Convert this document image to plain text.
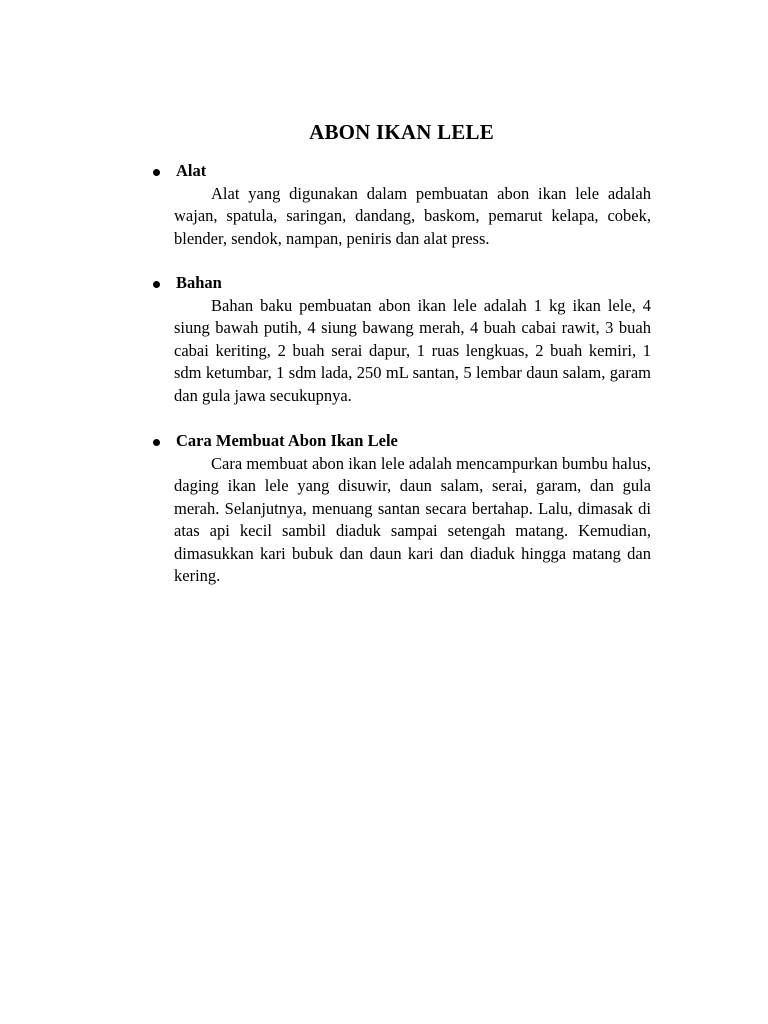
ABON IKAN LELE
Alat

Alat yang digunakan dalam pembuatan abon ikan lele adalah wajan, spatula, saringan, dandang, baskom, pemarut kelapa, cobek, blender, sendok, nampan, peniris dan alat press.

Bahan

Bahan baku pembuatan abon ikan lele adalah 1 kg ikan lele, 4 siung bawah putih, 4 siung bawang merah, 4 buah cabai rawit, 3 buah cabai keriting, 2 buah serai dapur, 1 ruas lengkuas, 2 buah kemiri, 1 sdm ketumbar, 1 sdm lada, 250 mL santan, 5 lembar daun salam, garam dan gula jawa secukupnya.

Cara Membuat Abon Ikan Lele

Cara membuat abon ikan lele adalah mencampurkan bumbu halus, daging ikan lele yang disuwir, daun salam, serai, garam, dan gula merah. Selanjutnya, menuang santan secara bertahap. Lalu, dimasak di atas api kecil sambil diaduk sampai setengah matang. Kemudian, dimasukkan kari bubuk dan daun kari dan diaduk hingga matang dan kering.
